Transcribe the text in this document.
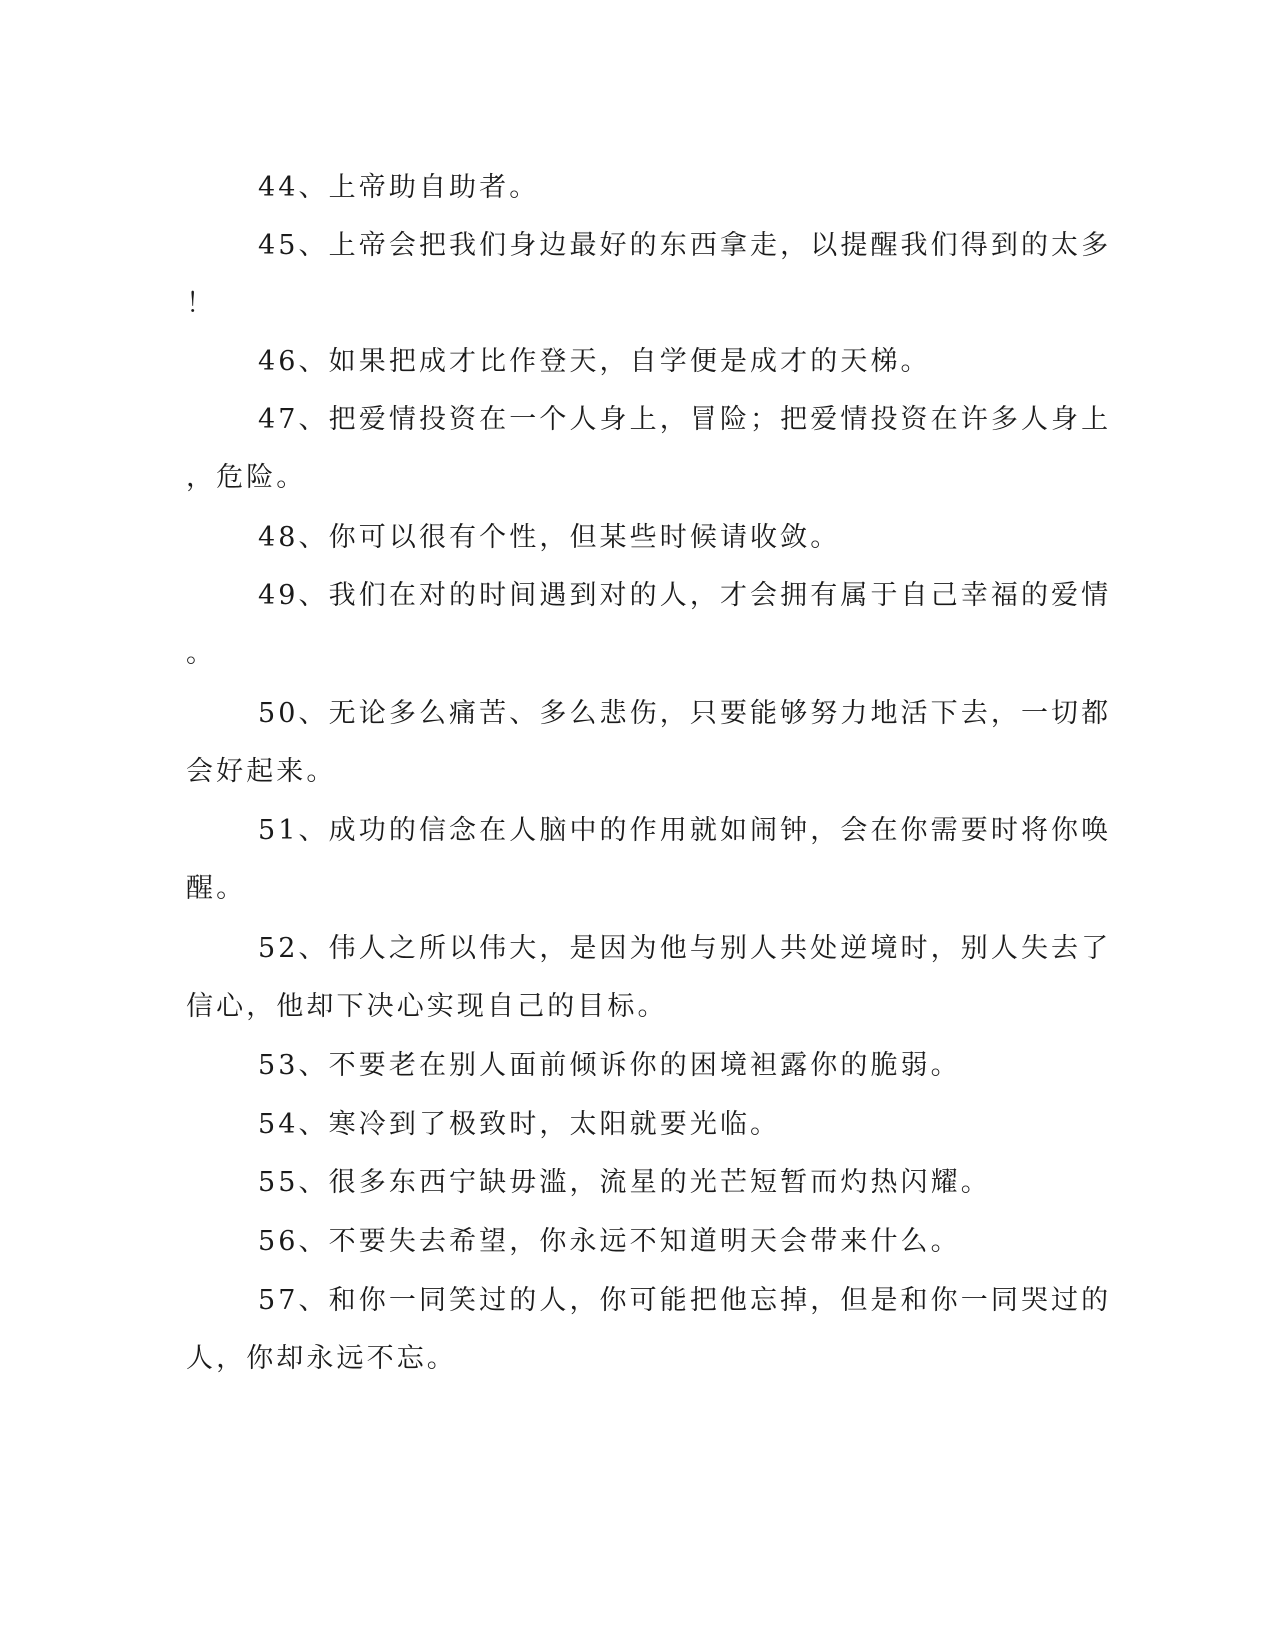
44、上帝助自助者。
45、上帝会把我们身边最好的东西拿走，以提醒我们得到的太多
！
46、如果把成才比作登天，自学便是成才的天梯。
47、把爱情投资在一个人身上，冒险；把爱情投资在许多人身上
，危险。
48、你可以很有个性，但某些时候请收敛。
49、我们在对的时间遇到对的人，才会拥有属于自己幸福的爱情
。
50、无论多么痛苦、多么悲伤，只要能够努力地活下去，一切都
会好起来。
51、成功的信念在人脑中的作用就如闹钟，会在你需要时将你唤
醒。
52、伟人之所以伟大，是因为他与别人共处逆境时，别人失去了
信心，他却下决心实现自己的目标。
53、不要老在别人面前倾诉你的困境袒露你的脆弱。
54、寒冷到了极致时，太阳就要光临。
55、很多东西宁缺毋滥，流星的光芒短暂而灼热闪耀。
56、不要失去希望，你永远不知道明天会带来什么。
57、和你一同笑过的人，你可能把他忘掉，但是和你一同哭过的
人，你却永远不忘。
